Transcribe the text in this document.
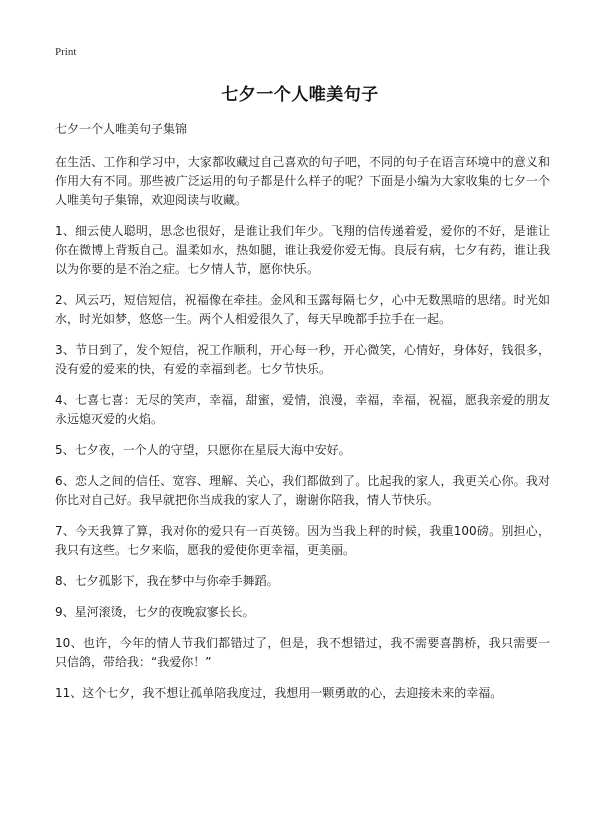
Print
七夕一个人唯美句子

七夕一个人唯美句子集锦

在生活、工作和学习中，大家都收藏过自己喜欢的句子吧，不同的句子在语言环境中的意义和作用大有不同。那些被广泛运用的句子都是什么样子的呢？下面是小编为大家收集的七夕一个人唯美句子集锦，欢迎阅读与收藏。

1、细云使人聪明，思念也很好，是谁让我们年少。飞翔的信传递着爱，爱你的不好，是谁让你在微博上背叛自己。温柔如水，热如腿，谁让我爱你爱无悔。良辰有病，七夕有药，谁让我以为你要的是不治之症。七夕情人节，愿你快乐。

2、风云巧，短信短信，祝福像在牵挂。金风和玉露每隔七夕，心中无数黑暗的思绪。时光如水，时光如梦，悠悠一生。两个人相爱很久了，每天早晚都手拉手在一起。

3、节日到了，发个短信，祝工作顺利，开心每一秒，开心微笑，心情好，身体好，钱很多，没有爱的爱来的快，有爱的幸福到老。七夕节快乐。

4、七喜七喜：无尽的笑声，幸福，甜蜜，爱情，浪漫，幸福，幸福，祝福，愿我亲爱的朋友永远熄灭爱的火焰。

5、七夕夜，一个人的守望，只愿你在星辰大海中安好。

6、恋人之间的信任、宽容、理解、关心，我们都做到了。比起我的家人，我更关心你。我对你比对自己好。我早就把你当成我的家人了，谢谢你陪我，情人节快乐。

7、今天我算了算，我对你的爱只有一百英镑。因为当我上秤的时候，我重100磅。别担心，我只有这些。七夕来临，愿我的爱使你更幸福，更美丽。

8、七夕孤影下，我在梦中与你牵手舞蹈。

9、星河滚烫，七夕的夜晚寂寥长长。

10、也许，今年的情人节我们都错过了，但是，我不想错过，我不需要喜鹊桥，我只需要一只信鸽，带给我：“我爱你！”

11、这个七夕，我不想让孤单陪我度过，我想用一颗勇敢的心，去迎接未来的幸福。
